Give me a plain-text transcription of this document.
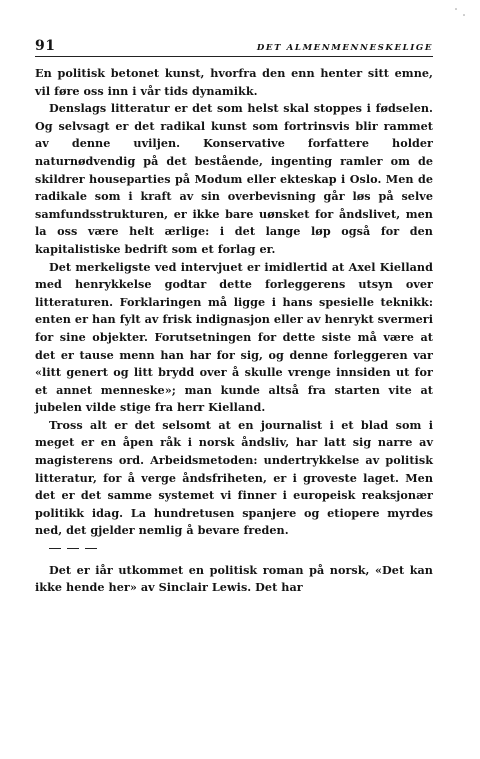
91	DET ALMENMENNESKELIGE

En politisk betonet kunst, hvorfra den enn henter sitt emne, vil føre oss inn i vår tids dynamikk.

Denslags litteratur er det som helst skal stoppes i fødselen. Og selvsagt er det radikal kunst som fortrinsvis blir rammet av denne uviljen. Konservative forfattere holder naturnødvendig på det bestående, ingenting ramler om de skildrer houseparties på Modum eller ekteskap i Oslo. Men de radikale som i kraft av sin overbevisning går løs på selve samfundsstrukturen, er ikke bare uønsket for åndslivet, men la oss være helt ærlige: i det lange løp også for den kapitalistiske bedrift som et forlag er.

Det merkeligste ved intervjuet er imidlertid at Axel Kielland med henrykkelse godtar dette forleggerens utsyn over litteraturen. Forklaringen må ligge i hans spesielle teknikk: enten er han fylt av frisk indignasjon eller av henrykt svermeri for sine objekter. Forutsetningen for dette siste må være at det er tause menn han har for sig, og denne forleggeren var «litt genert og litt brydd over å skulle vrenge innsiden ut for et annet menneske»; man kunde altså fra starten vite at jubelen vilde stige fra herr Kielland.

Tross alt er det selsomt at en journalist i et blad som i meget er en åpen råk i norsk åndsliv, har latt sig narre av magisterens ord. Arbeidsmetoden: undertrykkelse av politisk litteratur, for å verge åndsfriheten, er i groveste laget. Men det er det samme systemet vi finner i europeisk reaksjonær politikk idag. La hundretusen spanjere og etiopere myrdes ned, det gjelder nemlig å bevare freden.

Det er iår utkommet en politisk roman på norsk, «Det kan ikke hende her» av Sinclair Lewis. Det har
